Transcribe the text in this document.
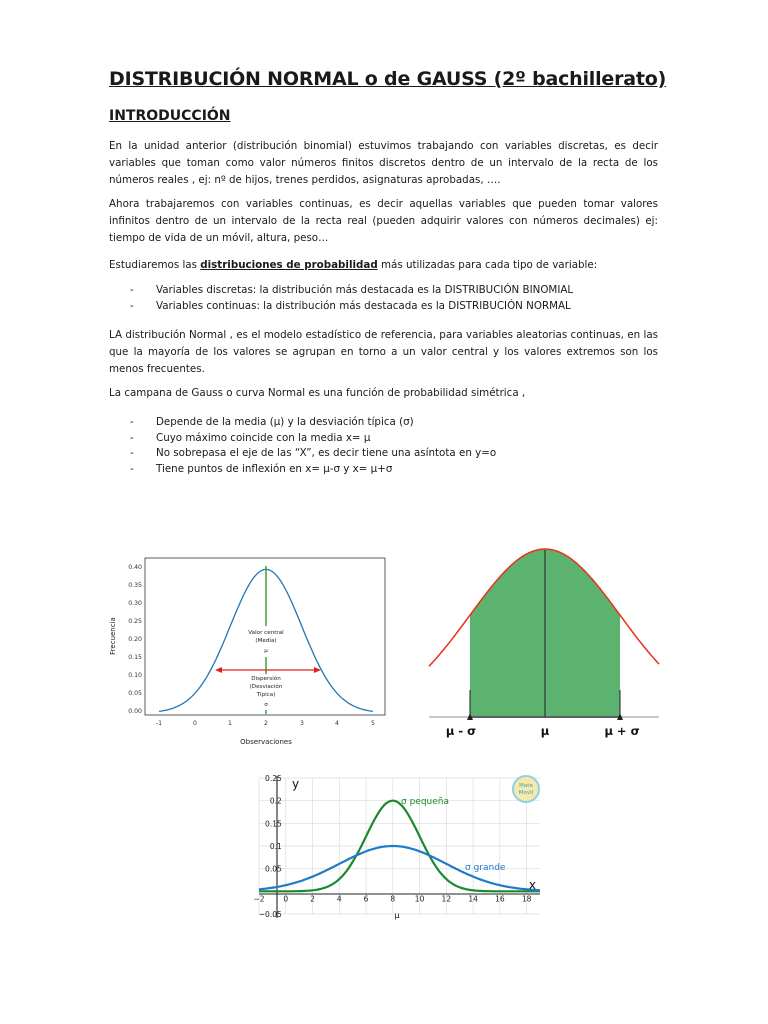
DISTRIBUCIÓN NORMAL o de GAUSS (2º bachillerato)
INTRODUCCIÓN
En la unidad anterior (distribución binomial) estuvimos trabajando con variables discretas, es decir variables que toman como valor números finitos discretos dentro de un intervalo de la recta de los números reales , ej: nº de hijos, trenes perdidos, asignaturas aprobadas, ….
Ahora trabajaremos con variables continuas, es decir aquellas variables que pueden tomar valores infinitos dentro de un intervalo de la recta real (pueden adquirir valores con números decimales) ej: tiempo de vida de un móvil, altura, peso…
Estudiaremos las distribuciones de probabilidad más utilizadas para cada tipo de variable:
- Variables discretas: la distribución más destacada es la DISTRIBUCIÓN BINOMIAL
- Variables continuas: la distribución más destacada es la DISTRIBUCIÓN NORMAL
LA distribución Normal , es el modelo estadístico de referencia, para variables aleatorias continuas, en las que la mayoría de los valores se agrupan en torno a un valor central y los valores extremos son los menos frecuentes.
La campana de Gauss o curva Normal es una función de probabilidad simétrica ,
- Depende de la media (μ) y la desviación típica (σ)
- Cuyo máximo coincide con la media x= μ
- No sobrepasa el eje de las “X”, es decir tiene una asíntota en y=o
- Tiene puntos de inflexión en x= μ-σ y x= μ+σ
0.40
0.35
0.30
0.25
0.20
0.15
0.10
0.05
0.00
-1	0	1	2	3	4	5
Observaciones
Frecuencia	Valor central
(Media)
μ
Dispersión
(Desviación
Típica)
σ
μ - σ	μ	μ + σ
−2	0	2	4	6	8	10 12 14 16 18
0.25
0.2
0.15
0.1
0.05
−0.05
y
x
μ
σ pequeña
σ grande
Mate
Movil
